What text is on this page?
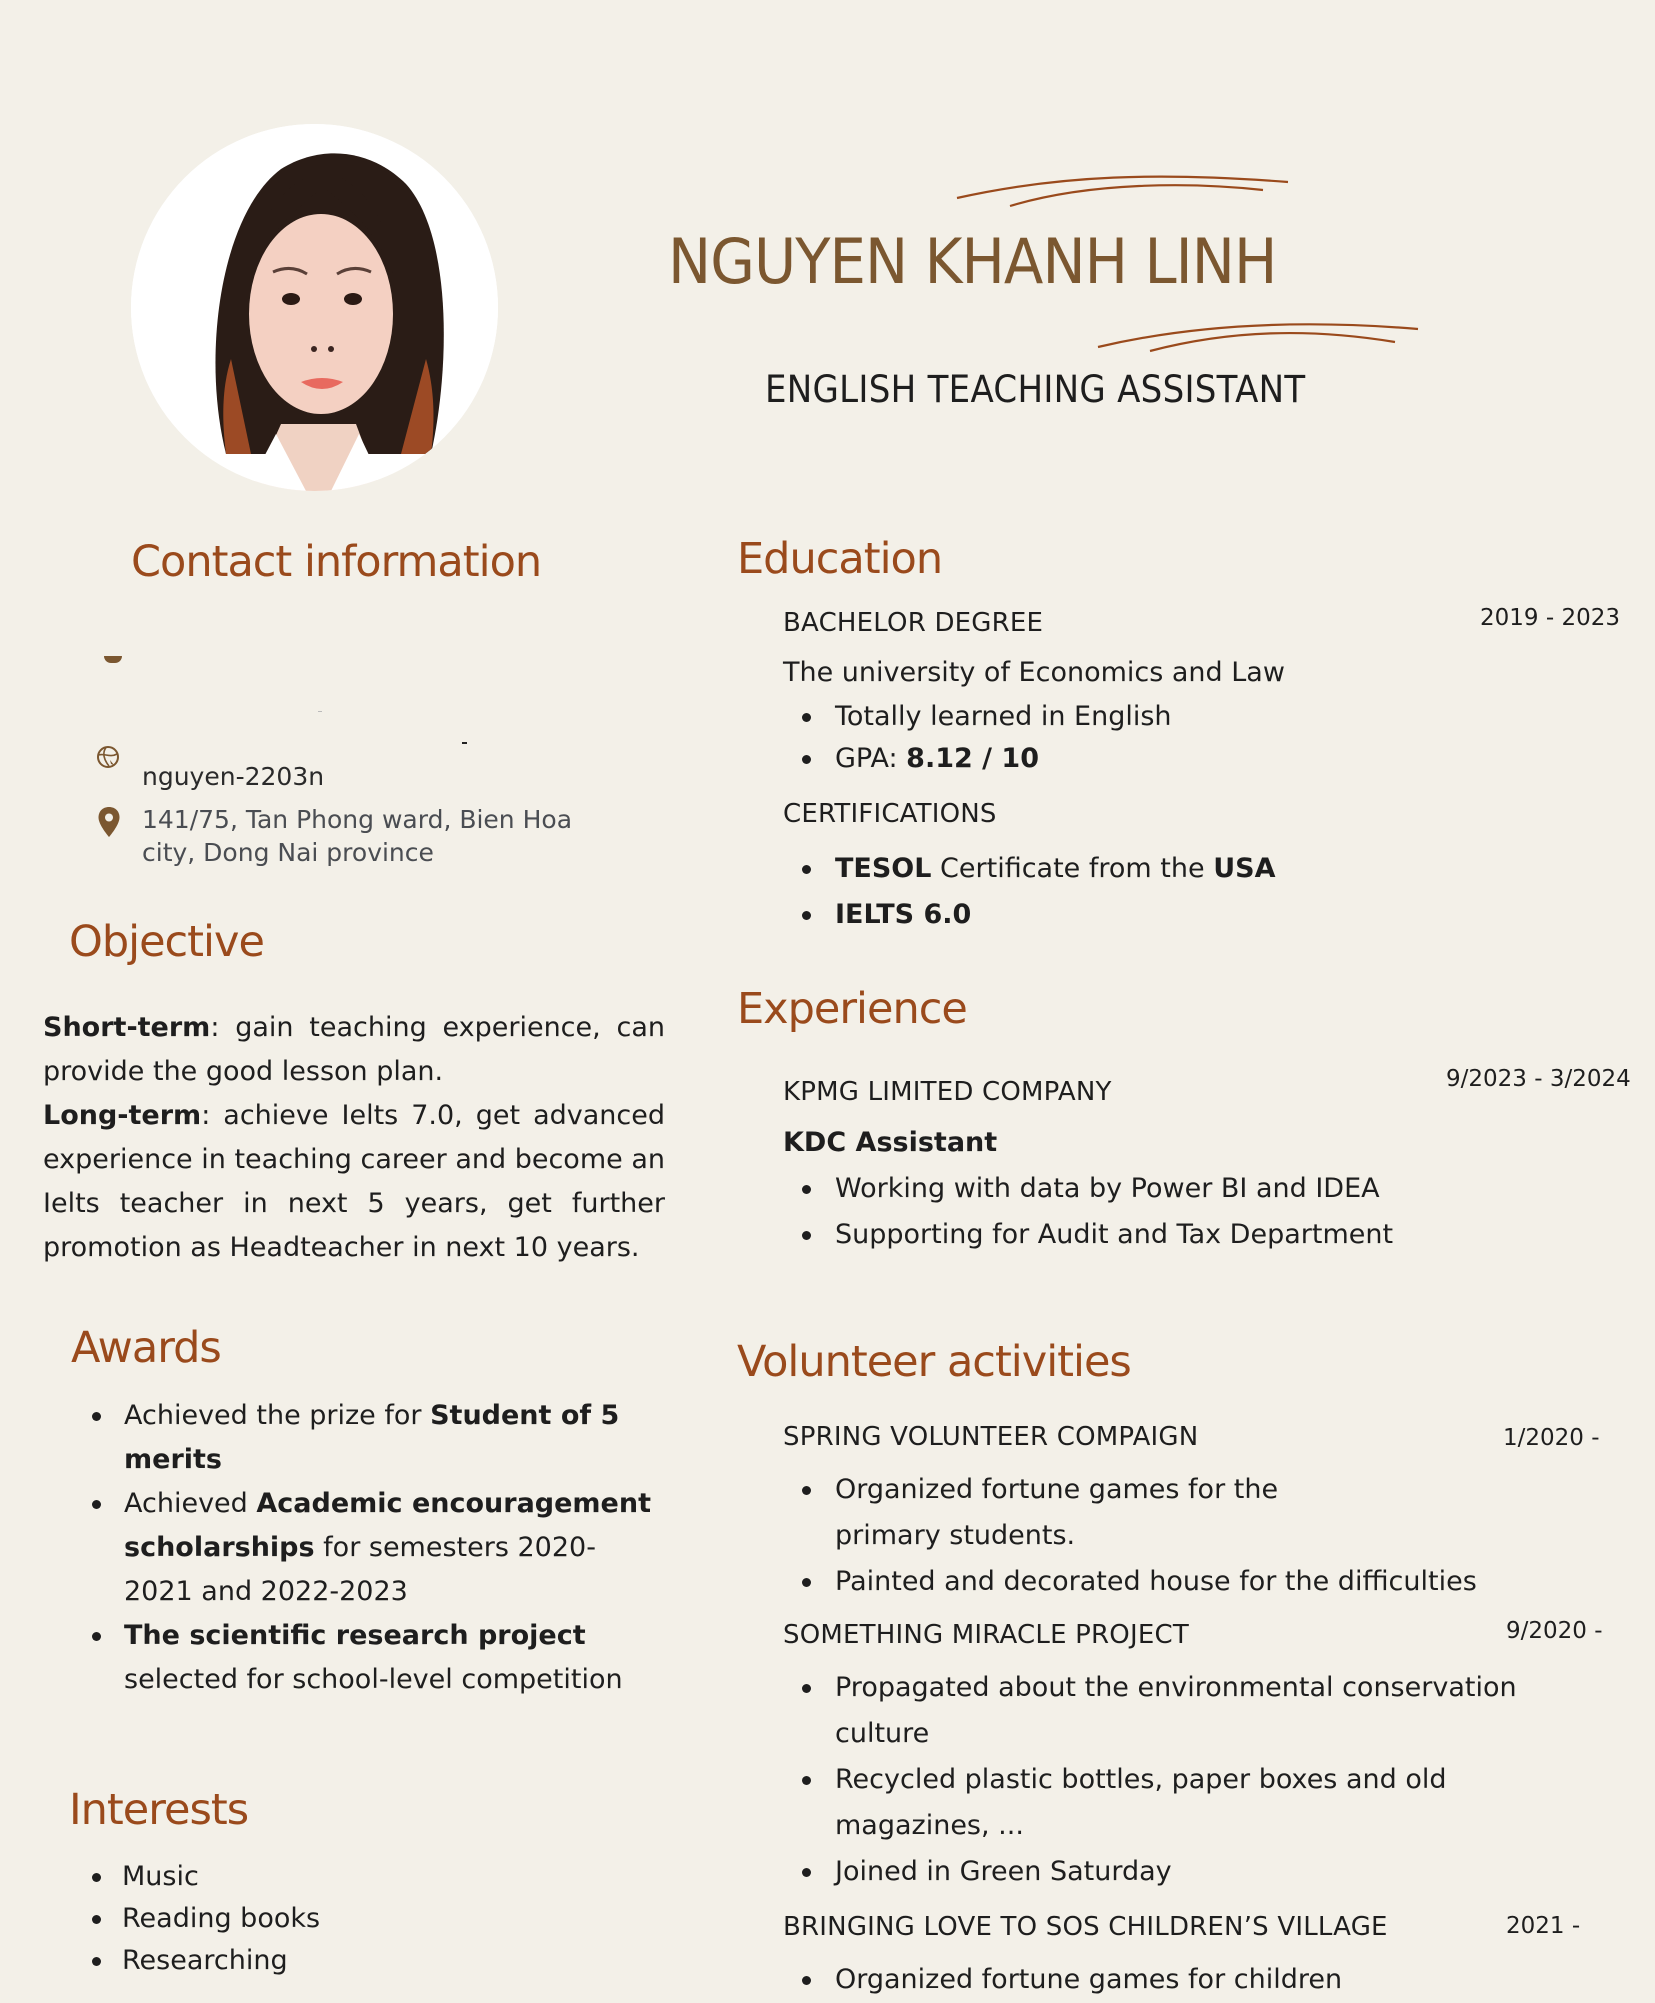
NGUYEN KHANH LINH
ENGLISH TEACHING ASSISTANT
Contact information
nguyen-2203n
141/75, Tan Phong ward, Bien Hoa
city, Dong Nai province
Objective
Short-term: gain teaching experience, can provide the good lesson plan.
Long-term: achieve Ielts 7.0, get advanced experience in teaching career and become an Ielts teacher in next 5 years, get further promotion as Headteacher in next 10 years.
Awards
Achieved the prize for Student of 5 merits
Achieved Academic encouragement scholarships for semesters 2020-2021 and 2022-2023
The scientific research project selected for school-level competition
Interests
Music
Reading books
Researching
Education
BACHELOR DEGREE	2019 - 2023
The university of Economics and Law
Totally learned in English
GPA: 8.12 / 10
CERTIFICATIONS
TESOL Certificate from the USA
IELTS 6.0
Experience
KPMG LIMITED COMPANY	9/2023 - 3/2024
KDC Assistant
Working with data by Power BI and IDEA
Supporting for Audit and Tax Department
Volunteer activities
SPRING VOLUNTEER COMPAIGN	1/2020 -
Organized fortune games for the primary students.
Painted and decorated house for the difficulties
SOMETHING MIRACLE PROJECT	9/2020 -
Propagated about the environmental conservation culture
Recycled plastic bottles, paper boxes and old magazines, ...
Joined in Green Saturday
BRINGING LOVE TO SOS CHILDREN’S VILLAGE	2021 -
Organized fortune games for children
